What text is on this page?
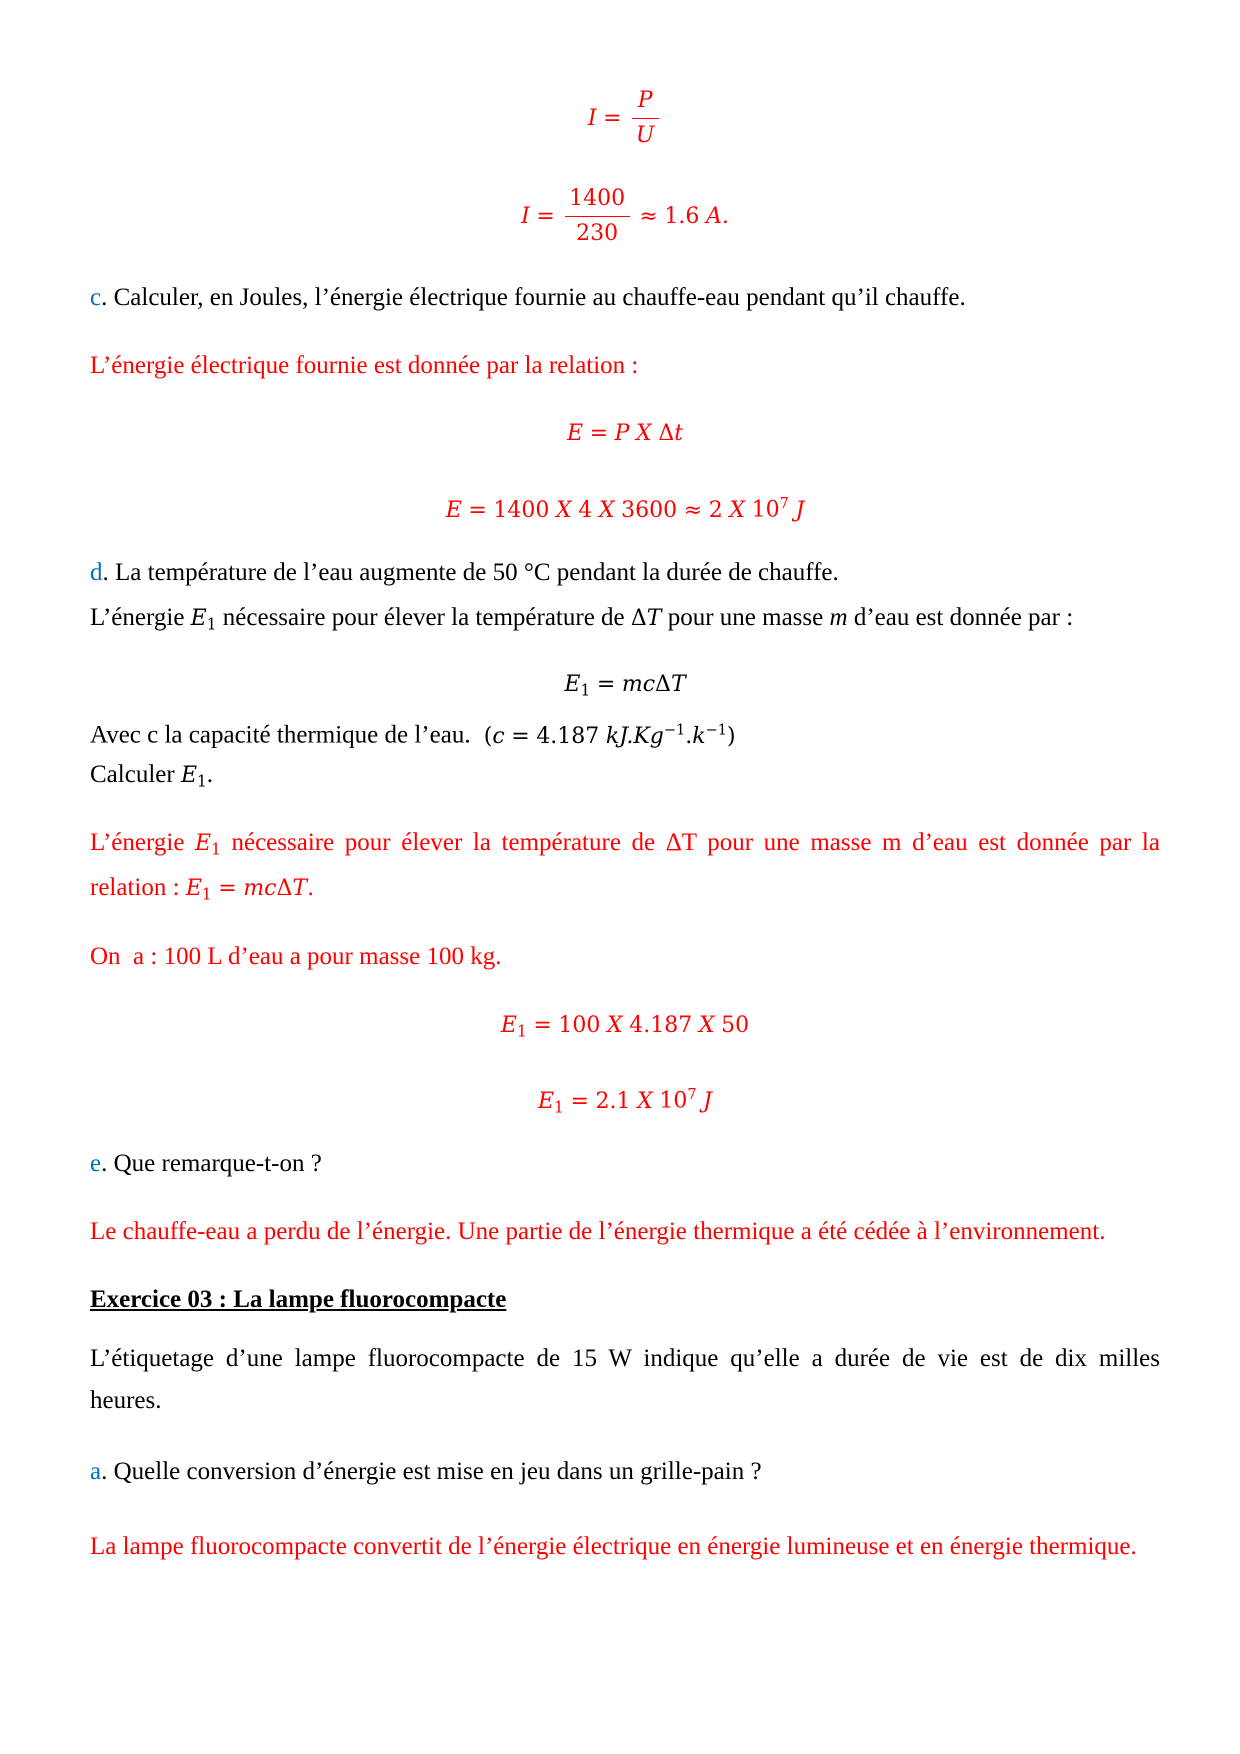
$I = \frac{P}{U}$
$I = \frac{1400}{230} \approx 1.6$ A.
c. Calculer, en Joules, l’énergie électrique fournie au chauffe-eau pendant qu’il chauffe.
L’énergie électrique fournie est donnée par la relation :
E = P X Δt
E = 1400 X 4 X 3600 ≈ 2 X $10^7$ J
d. La température de l’eau augmente de 50 °C pendant la durée de chauffe.
L’énergie $E_1$ nécessaire pour élever la température de ΔT pour une masse m d’eau est donnée par :
$E_1 = mc\Delta T$
Avec c la capacité thermique de l’eau. (c = 4.187 $kJ.Kg^{-1}.k^{-1}$)
Calculer $E_1$.
L’énergie $E_1$ nécessaire pour élever la température de ΔT pour une masse m d’eau est donnée par la
relation : $E_1 = mc\Delta T$.
On  a : 100 L d’eau a pour masse 100 kg.
$E_1 = 100$ X 4.187 X 50
$E_1 = 2.1$ X $10^7$ J
e. Que remarque-t-on ?
Le chauffe-eau a perdu de l’énergie. Une partie de l’énergie thermique a été cédée à l’environnement.
Exercice 03 : La lampe fluorocompacte
L’étiquetage d’une lampe fluorocompacte de 15 W indique qu’elle a durée de vie est de dix milles
heures.
a. Quelle conversion d’énergie est mise en jeu dans un grille-pain ?
La lampe fluorocompacte convertit de l’énergie électrique en énergie lumineuse et en énergie thermique.
